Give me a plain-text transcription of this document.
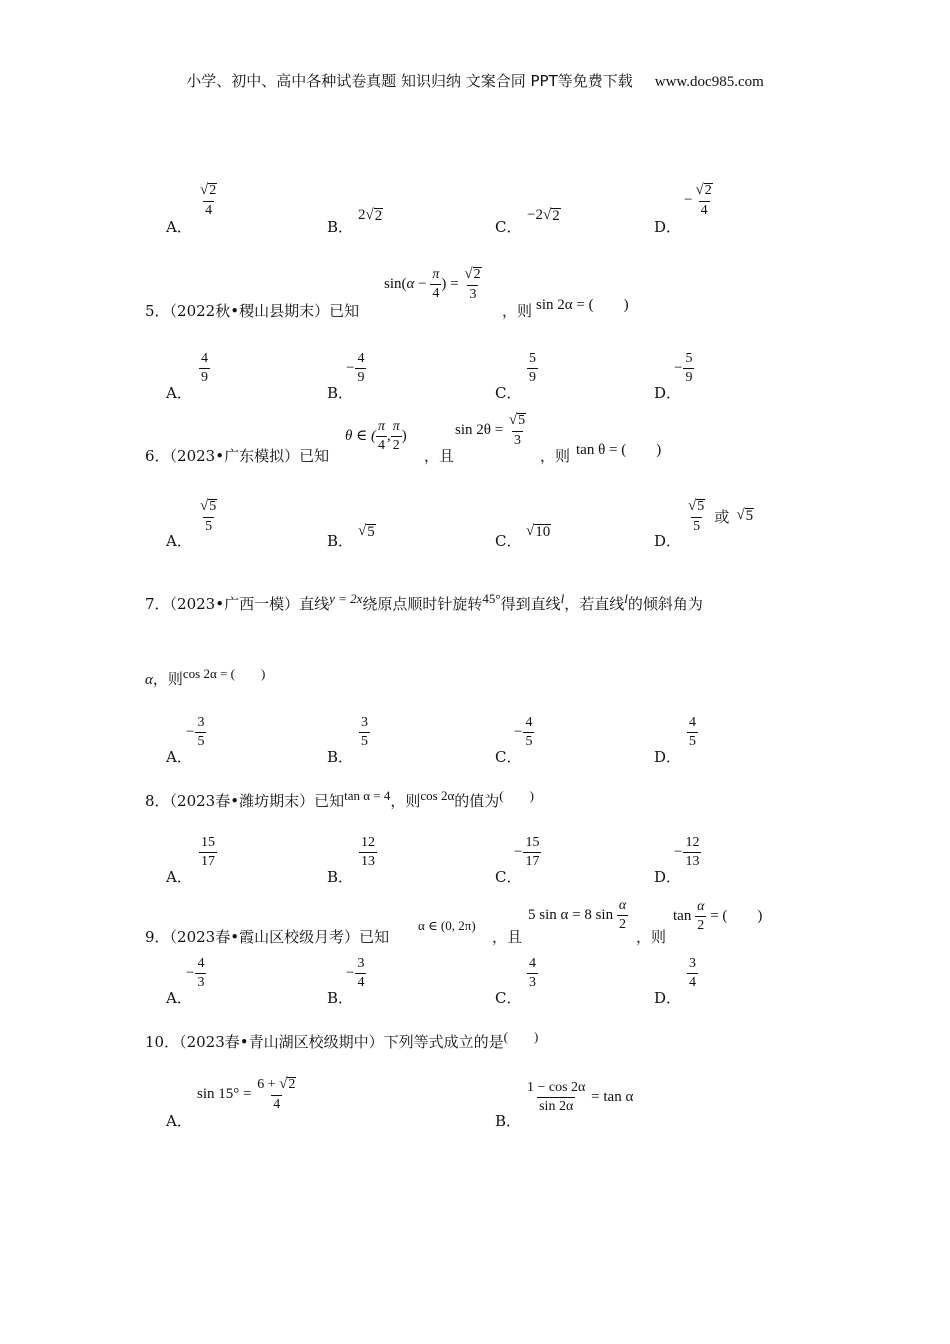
小学、初中、高中各种试卷真题 知识归纳 文案合同 PPT等免费下载 www.doc985.com
A．
$\frac{√ 2}{4}$
B．
2 √ 2
C．
−2 √ 2
D．
− $\frac{√ 2}{4}$
5．（2022秋•稷山县期末）已知
$\sin(\alpha - \frac{\pi}{4}$ ) = $\frac{√ 2}{3}$
，则 sin 2α = (　　)
A．
$\frac{4}{9}$
B．
− $\frac{4}{9}$
C．
$\frac{5}{9}$
D．
− $\frac{5}{9}$
6．（2023•广东模拟）已知
θ ∈ ( $\frac{\pi}{4}$ , $\frac{\pi}{2}$ )
，且
$\sin 2\theta = \frac{√ 5}{3}$
，则 tan θ = (　　)
A．
$\frac{√ 5}{5}$
B．
√ 5	C．
√ 10	D．
$\frac{√ 5}{5}$ 或 √ 5
7．（2023•广西一模）直线$^{y = 2x}$绕原点顺时针旋转$^{45^\circ}$得到直线$^l$，若直线$^l$的倾斜角为
α，则$^{cos 2\alpha = ( )}$
A．
− $\frac{3}{5}$
B．
$\frac{3}{5}$
C．
− $\frac{4}{5}$
D．
$\frac{4}{5}$
8．（2023春•潍坊期末）已知$^{tan \alpha = 4}$，则$^{cos 2\alpha}$的值为(　　)
A．
$\frac{15}{17}$
B．
$\frac{12}{13}$
C．
− $\frac{15}{17}$
D．
− $\frac{12}{13}$
9．（2023春•霞山区校级月考）已知
α ∈ (0, 2π)
，且
5 sin α = 8 $\sin \frac{\alpha}{2}$
，则
$\tan \frac{\alpha}{2}$ = (　　)
A．
− $\frac{4}{3}$
B．
− $\frac{3}{4}$
C．
$\frac{4}{3}$
D．
$\frac{3}{4}$
10．（2023春•青山湖区校级期中）下列等式成立的是(　　)
A．
$\sin 15^\circ = \frac{6 + √ 2}{4}$
B．
$\frac{1 - \cos 2\alpha}{\sin 2\alpha} = \tan \alpha$
